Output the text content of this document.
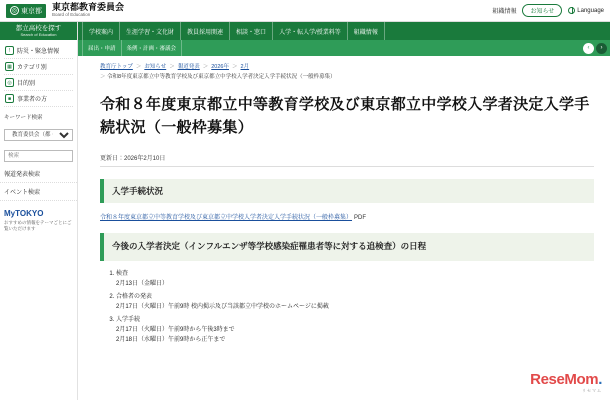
◎ 東京都 東京都教育委員会
Board of Education	組織情報	お知らせ	Language
都立高校を探す
Search of Education
!	防災・緊急情報
▦ カテゴリ別
◎ 目的別
■ 事業者の方
キーワード検索
教育委員会（都・・ 検索
報道発表検索
イベント検索
MyTOKYO
おすすめの情報をテーマごとにご覧いただけます
学校案内	生涯学習・文化財	教員採用関連	相談・窓口	入学・転入学/授業料等	組織情報
届出・申請	条例・計画・審議会	‹	›
教育庁トップ ＞ お知らせ ＞ 報道発表 ＞ 2026年 ＞ 2月
＞ 令和8年度東京都立中等教育学校及び東京都立中学校入学者決定入学手続状況（一般枠募集）
令和８年度東京都立中等教育学校及び東京都立中学校入学者決定入学手続状況（一般枠募集）
更新日：2026年2月10日
入学手続状況
令和８年度東京都立中等教育学校及び東京都立中学校入学者決定入学手続状況（一般枠募集） PDF
今後の入学者決定（インフルエンザ等学校感染症罹患者等に対する追検査）の日程
1. 検査
2月13日（金曜日）
2. 合格者の発表
2月17日（火曜日）午前9時 校内掲示及び当該都立中学校のホームページに掲載
3. 入学手続
2月17日（火曜日）午前9時から午後3時まで
2月18日（水曜日）午前9時から正午まで
ReseMom.
リセマム
